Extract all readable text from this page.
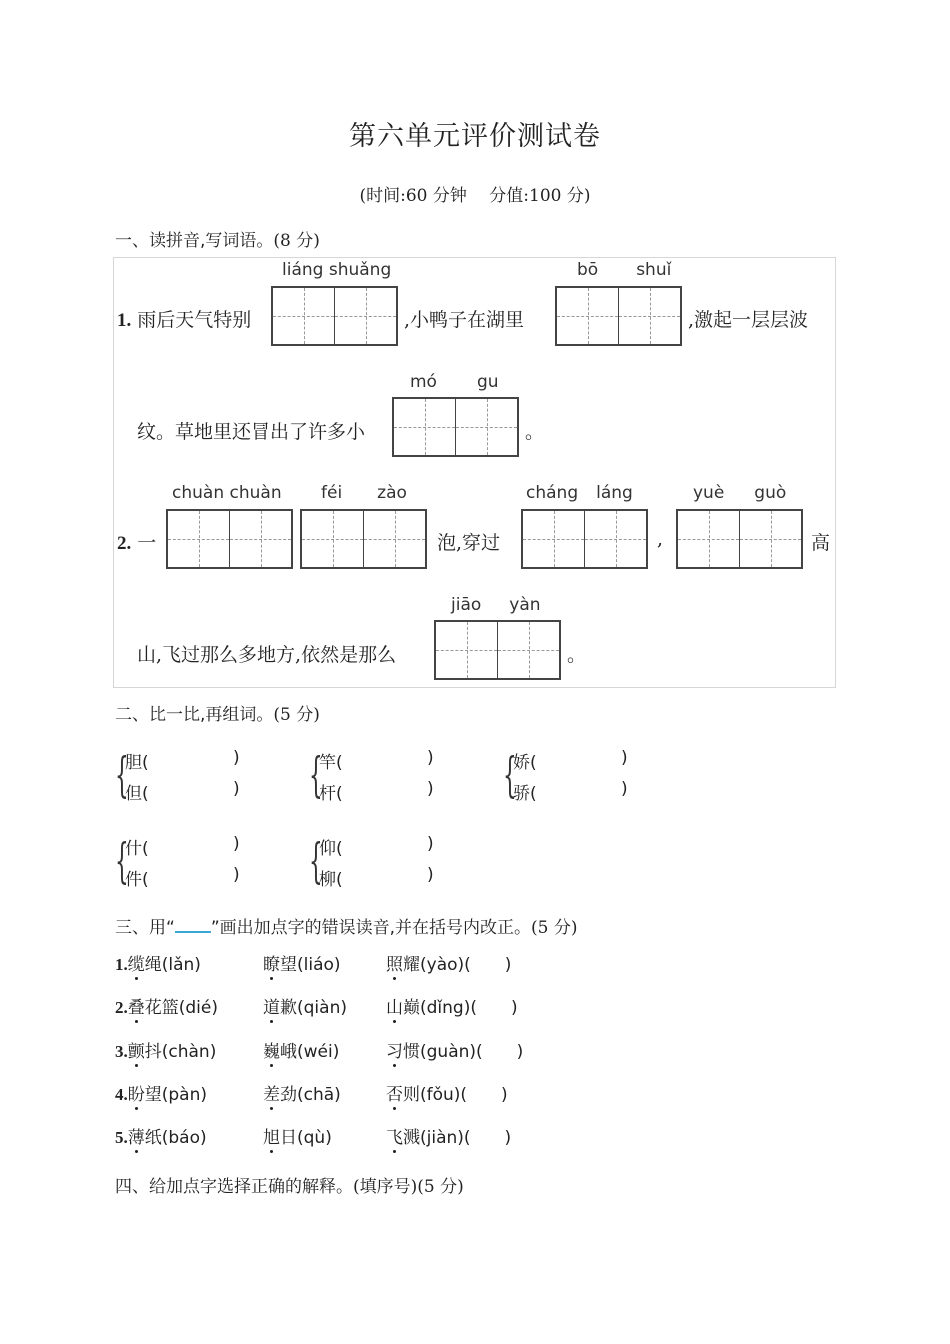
第六单元评价测试卷
(时间:60 分钟　 分值:100 分)
一、读拼音,写词语。(8 分)
1. 雨后天气特别
liáng shuǎng
,小鸭子在湖里
bō shuǐ
,激起一层层波
纹。草地里还冒出了许多小
mó gu
。
2. 一
chuàn chuàn féi zào
泡,穿过
cháng láng
,
yuè guò
高
山,飞过那么多地方,依然是那么
jiāo yàn
。
二、比一比,再组词。(5 分)
{
胆(	)
但(	) {
竿(	)
杆(	) {
娇(	)
骄(	)
{
什(	)
件(	) {
仰(	)
柳(	)
三、用“ ”画出加点字的错误读音,并在括号内改正。(5 分)
1.缆绳(lǎn)	瞭望(liáo)	照耀(yào)(　　)
2.叠花篮(dié)	道歉(qiàn) 山巅(dǐng)(　　)
3.颤抖(chàn)	巍峨(wéi)	习惯(guàn)(　　)
4.盼望(pàn)	差劲(chā)	否则(fǒu)(　　)
5.薄纸(báo)	旭日(qù)	飞溅(jiàn)(　　)
四、给加点字选择正确的解释。(填序号)(5 分)
